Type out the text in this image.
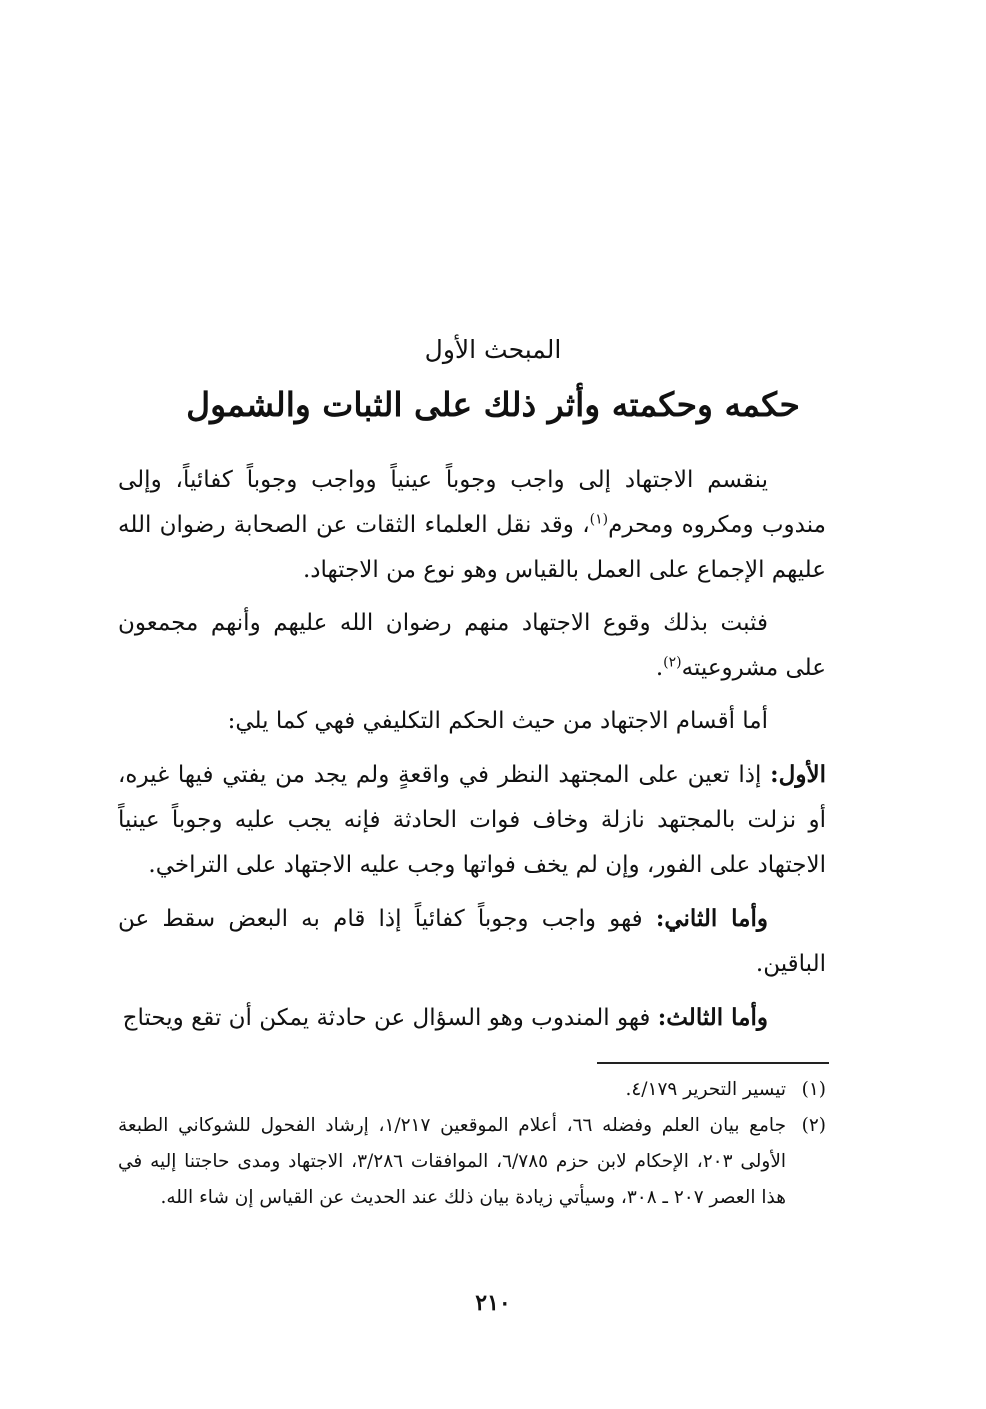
المبحث الأول
حكمه وحكمته وأثر ذلك على الثبات والشمول

ينقسم الاجتهاد إلى واجب وجوباً عينياً وواجب وجوباً كفائياً، وإلى مندوب ومكروه ومحرم$^{(١)}$، وقد نقل العلماء الثقات عن الصحابة رضوان الله عليهم الإجماع على العمل بالقياس وهو نوع من الاجتهاد.

فثبت بذلك وقوع الاجتهاد منهم رضوان الله عليهم وأنهم مجمعون على مشروعيته$^{(٢)}$.

أما أقسام الاجتهاد من حيث الحكم التكليفي فهي كما يلي:

الأول: إذا تعين على المجتهد النظر في واقعةٍ ولم يجد من يفتي فيها غيره، أو نزلت بالمجتهد نازلة وخاف فوات الحادثة فإنه يجب عليه وجوباً عينياً الاجتهاد على الفور، وإن لم يخف فواتها وجب عليه الاجتهاد على التراخي.

وأما الثاني: فهو واجب وجوباً كفائياً إذا قام به البعض سقط عن الباقين.

وأما الثالث: فهو المندوب وهو السؤال عن حادثة يمكن أن تقع ويحتاج

(١)
تيسير التحرير ٤/١٧٩.
(٢)
جامع بيان العلم وفضله ٦٦، أعلام الموقعين ١/٢١٧، إرشاد الفحول للشوكاني الطبعة الأولى ٢٠٣، الإحكام لابن حزم ٦/٧٨٥، الموافقات ٣/٢٨٦، الاجتهاد ومدى حاجتنا إليه في هذا العصر ٢٠٧ ـ ٣٠٨، وسيأتي زيادة بيان ذلك عند الحديث عن القياس إن شاء الله.
٢١٠
